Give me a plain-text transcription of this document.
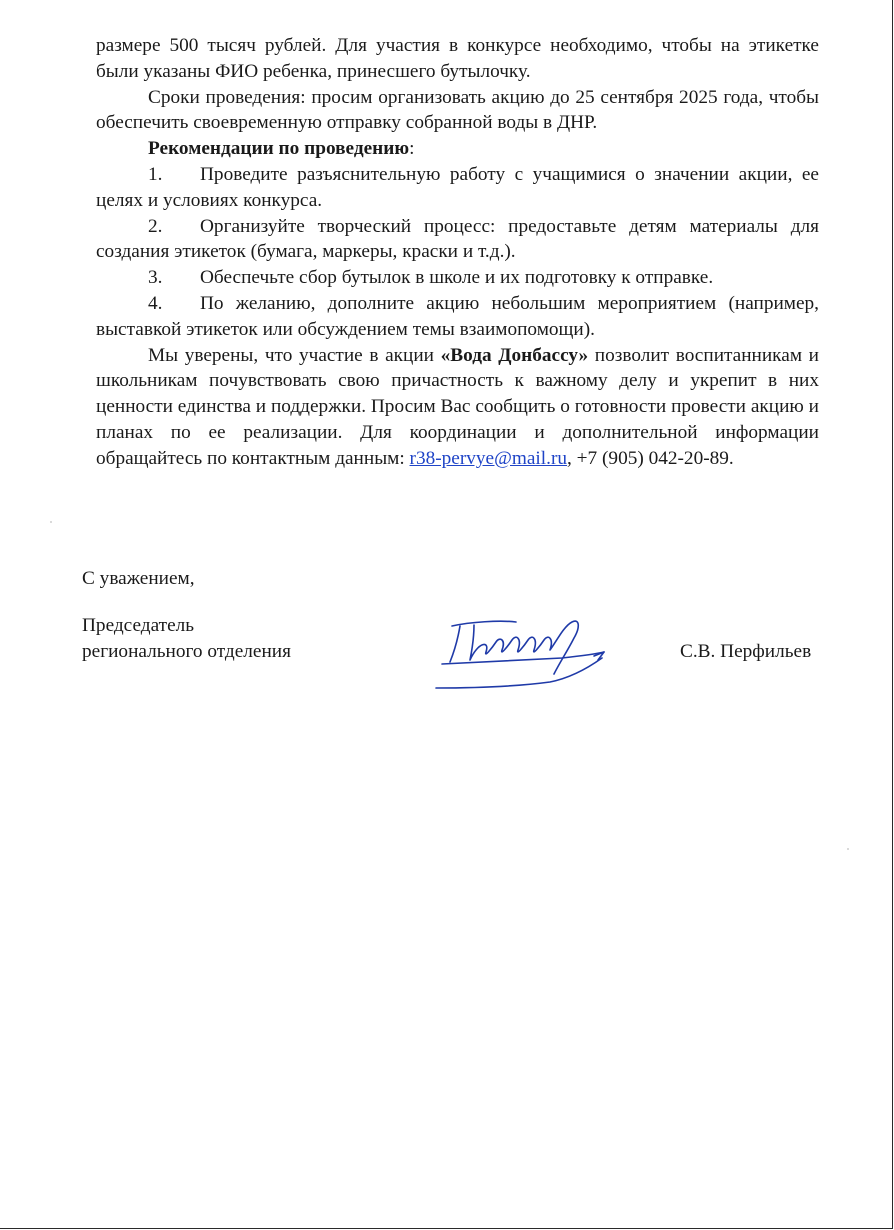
размере 500 тысяч рублей. Для участия в конкурсе необходимо, чтобы на этикетке были указаны ФИО ребенка, принесшего бутылочку.

Сроки проведения: просим организовать акцию до 25 сентября 2025 года, чтобы обеспечить своевременную отправку собранной воды в ДНР.

Рекомендации по проведению:

1. Проведите разъяснительную работу с учащимися о значении акции, ее целях и условиях конкурса.

2. Организуйте творческий процесс: предоставьте детям материалы для создания этикеток (бумага, маркеры, краски и т.д.).

3. Обеспечьте сбор бутылок в школе и их подготовку к отправке.

4. По желанию, дополните акцию небольшим мероприятием (например, выставкой этикеток или обсуждением темы взаимопомощи).

Мы уверены, что участие в акции «Вода Донбассу» позволит воспитанникам и школьникам почувствовать свою причастность к важному делу и укрепит в них ценности единства и поддержки. Просим Вас сообщить о готовности провести акцию и планах по ее реализации. Для координации и дополнительной информации обращайтесь по контактным данным: r38-pervye@mail.ru, +7 (905) 042-20-89.

С уважением,
Председатель
регионального отделения	С.В. Перфильев
